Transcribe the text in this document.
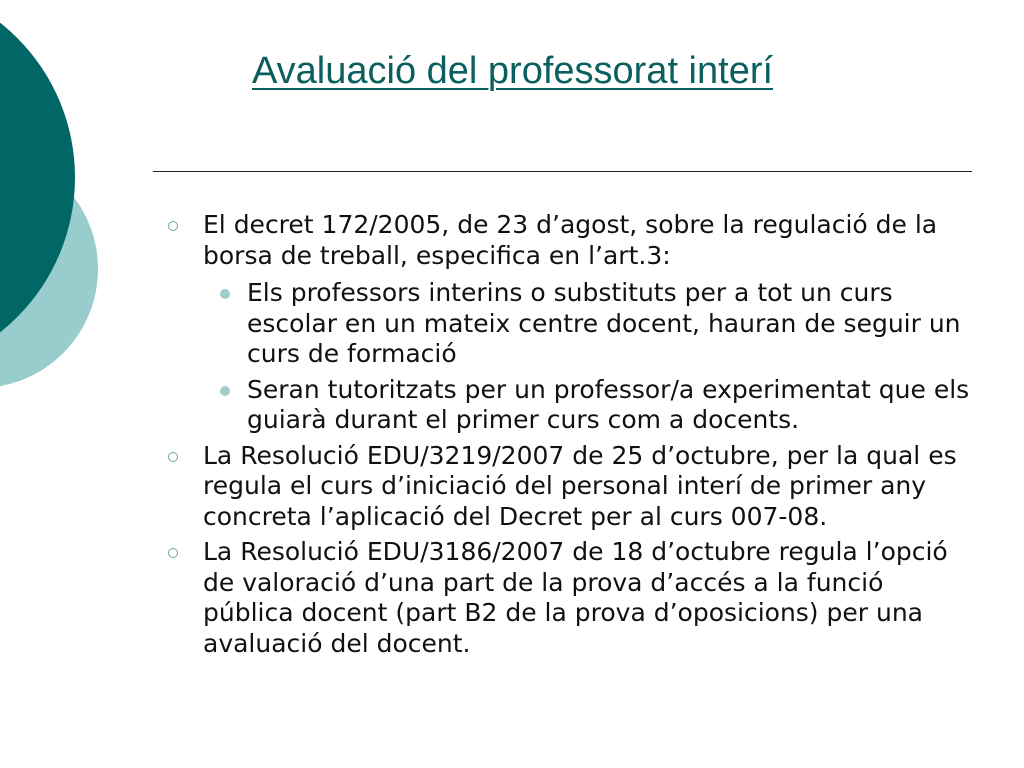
Avaluació del professorat interí
El decret 172/2005, de 23 d’agost, sobre la regulació de la borsa de treball, especifica en l’art.3:
Els professors interins o substituts per a tot un curs escolar en un mateix centre docent, hauran de seguir un curs de formació
Seran tutoritzats per un professor/a experimentat que els guiarà durant el primer curs com a docents.
La Resolució EDU/3219/2007 de 25 d’octubre, per la qual es regula el curs d’iniciació del personal interí de primer any concreta l’aplicació del Decret per al curs 007-08.
La Resolució EDU/3186/2007 de 18 d’octubre regula l’opció de valoració d’una part de la prova d’accés a la funció pública docent (part B2 de la prova d’oposicions) per una avaluació del docent.
